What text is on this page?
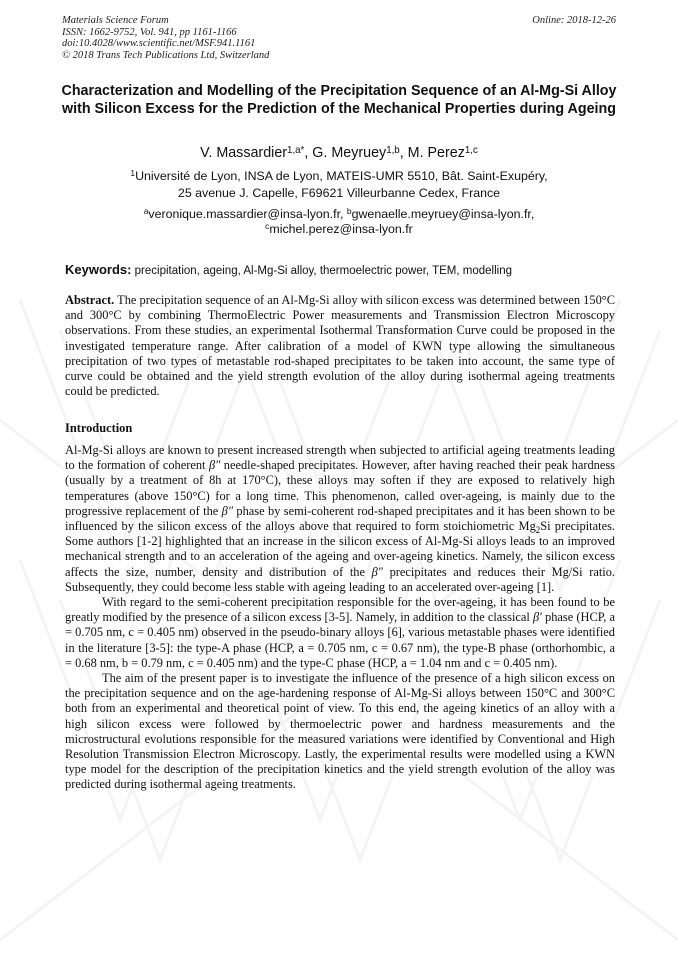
Materials Science Forum
ISSN: 1662-9752, Vol. 941, pp 1161-1166
doi:10.4028/www.scientific.net/MSF.941.1161
© 2018 Trans Tech Publications Ltd, Switzerland
Online: 2018-12-26
Characterization and Modelling of the Precipitation Sequence of an Al-Mg-Si Alloy with Silicon Excess for the Prediction of the Mechanical Properties during Ageing
V. Massardier$^{1,a*}$, G. Meyruey$^{1,b}$, M. Perez$^{1,c}$
$^1$Université de Lyon, INSA de Lyon, MATEIS-UMR 5510, Bât. Saint-Exupéry,
25 avenue J. Capelle, F69621 Villeurbanne Cedex, France
$^a$veronique.massardier@insa-lyon.fr, $^b$gwenaelle.meyruey@insa-lyon.fr,
$^c$michel.perez@insa-lyon.fr
Keywords: precipitation, ageing, Al-Mg-Si alloy, thermoelectric power, TEM, modelling

Abstract. The precipitation sequence of an Al-Mg-Si alloy with silicon excess was determined between 150°C and 300°C by combining ThermoElectric Power measurements and Transmission Electron Microscopy observations. From these studies, an experimental Isothermal Transformation Curve could be proposed in the investigated temperature range. After calibration of a model of KWN type allowing the simultaneous precipitation of two types of metastable rod-shaped precipitates to be taken into account, the same type of curve could be obtained and the yield strength evolution of the alloy during isothermal ageing treatments could be predicted.

Introduction

Al-Mg-Si alloys are known to present increased strength when subjected to artificial ageing treatments leading to the formation of coherent β″ needle-shaped precipitates. However, after having reached their peak hardness (usually by a treatment of 8h at 170°C), these alloys may soften if they are exposed to relatively high temperatures (above 150°C) for a long time. This phenomenon, called over-ageing, is mainly due to the progressive replacement of the β″ phase by semi-coherent rod-shaped precipitates and it has been shown to be influenced by the silicon excess of the alloys above that required to form stoichiometric $Mg_2Si$ precipitates. Some authors [1-2] highlighted that an increase in the silicon excess of Al-Mg-Si alloys leads to an improved mechanical strength and to an acceleration of the ageing and over-ageing kinetics. Namely, the silicon excess affects the size, number, density and distribution of the β″ precipitates and reduces their Mg/Si ratio. Subsequently, they could become less stable with ageing leading to an accelerated over-ageing [1].

With regard to the semi-coherent precipitation responsible for the over-ageing, it has been found to be greatly modified by the presence of a silicon excess [3-5]. Namely, in addition to the classical β′ phase (HCP, a = 0.705 nm, c = 0.405 nm) observed in the pseudo-binary alloys [6], various metastable phases were identified in the literature [3-5]: the type-A phase (HCP, a = 0.705 nm, c = 0.67 nm), the type-B phase (orthorhombic, a = 0.68 nm, b = 0.79 nm, c = 0.405 nm) and the type-C phase (HCP, a = 1.04 nm and c = 0.405 nm).

The aim of the present paper is to investigate the influence of the presence of a high silicon excess on the precipitation sequence and on the age-hardening response of Al-Mg-Si alloys between 150°C and 300°C both from an experimental and theoretical point of view. To this end, the ageing kinetics of an alloy with a high silicon excess were followed by thermoelectric power and hardness measurements and the microstructural evolutions responsible for the measured variations were identified by Conventional and High Resolution Transmission Electron Microscopy. Lastly, the experimental results were modelled using a KWN type model for the description of the precipitation kinetics and the yield strength evolution of the alloy was predicted during isothermal ageing treatments.
